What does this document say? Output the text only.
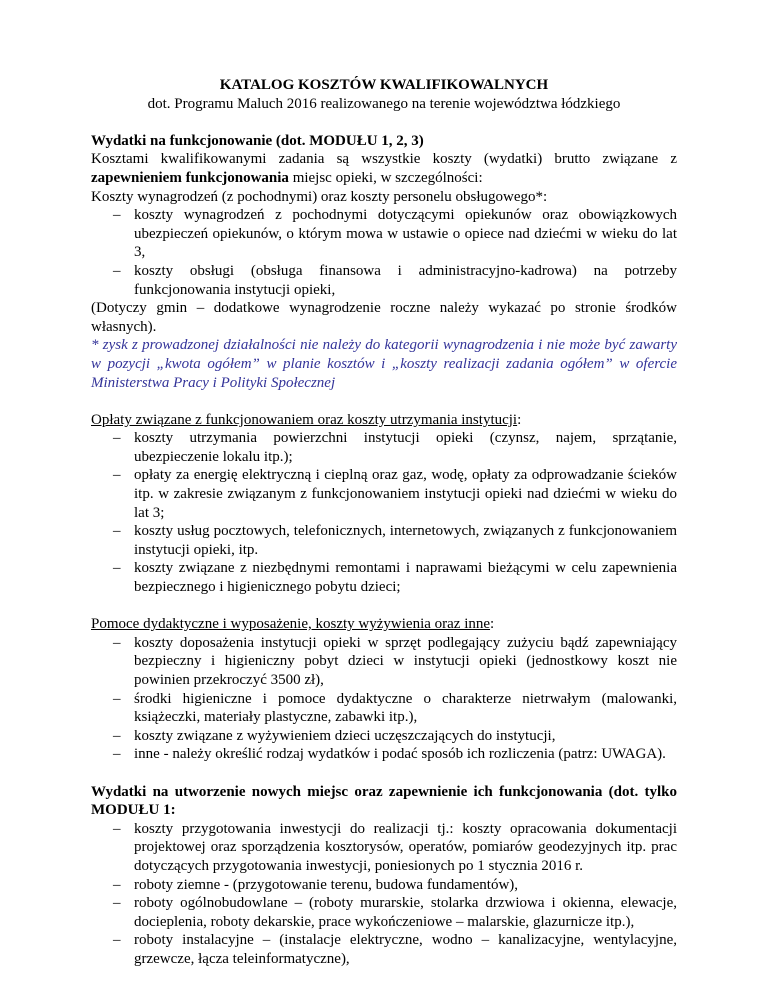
KATALOG KOSZTÓW KWALIFIKOWALNYCH

dot. Programu Maluch 2016 realizowanego na terenie województwa łódzkiego

Wydatki na funkcjonowanie (dot. MODUŁU 1, 2, 3)

Kosztami kwalifikowanymi zadania są wszystkie koszty (wydatki) brutto związane z zapewnieniem funkcjonowania miejsc opieki, w szczególności:

Koszty wynagrodzeń (z pochodnymi) oraz koszty personelu obsługowego*:

– koszty wynagrodzeń z pochodnymi dotyczącymi opiekunów oraz obowiązkowych ubezpieczeń opiekunów, o którym mowa w ustawie o opiece nad dziećmi w wieku do lat 3,
– koszty obsługi (obsługa finansowa i administracyjno-kadrowa) na potrzeby funkcjonowania instytucji opieki,

(Dotyczy gmin – dodatkowe wynagrodzenie roczne należy wykazać po stronie środków własnych).

* zysk z prowadzonej działalności nie należy do kategorii wynagrodzenia i nie może być zawarty w pozycji „kwota ogółem” w planie kosztów i „koszty realizacji zadania ogółem” w ofercie Ministerstwa Pracy i Polityki Społecznej

Opłaty związane z funkcjonowaniem oraz koszty utrzymania instytucji:

– koszty utrzymania powierzchni instytucji opieki (czynsz, najem, sprzątanie, ubezpieczenie lokalu itp.);
– opłaty za energię elektryczną i cieplną oraz gaz, wodę, opłaty za odprowadzanie ścieków itp. w zakresie związanym z funkcjonowaniem instytucji opieki nad dziećmi w wieku do lat 3;
– koszty usług pocztowych, telefonicznych, internetowych, związanych z funkcjonowaniem instytucji opieki, itp.
– koszty związane z niezbędnymi remontami i naprawami bieżącymi w celu zapewnienia bezpiecznego i higienicznego pobytu dzieci;

Pomoce dydaktyczne i wyposażenie, koszty wyżywienia oraz inne:

– koszty doposażenia instytucji opieki w sprzęt podlegający zużyciu bądź zapewniający bezpieczny i higieniczny pobyt dzieci w instytucji opieki (jednostkowy koszt nie powinien przekroczyć 3500 zł),
– środki higieniczne i pomoce dydaktyczne o charakterze nietrwałym (malowanki, książeczki, materiały plastyczne, zabawki itp.),
– koszty związane z wyżywieniem dzieci uczęszczających do instytucji,
– inne - należy określić rodzaj wydatków i podać sposób ich rozliczenia (patrz: UWAGA).

Wydatki na utworzenie nowych miejsc oraz zapewnienie ich funkcjonowania (dot. tylko MODUŁU 1:

– koszty przygotowania inwestycji do realizacji tj.: koszty opracowania dokumentacji projektowej oraz sporządzenia kosztorysów, operatów, pomiarów geodezyjnych itp. prac dotyczących przygotowania inwestycji, poniesionych po 1 stycznia 2016 r.
– roboty ziemne - (przygotowanie terenu, budowa fundamentów),
– roboty ogólnobudowlane – (roboty murarskie, stolarka drzwiowa i okienna, elewacje, docieplenia, roboty dekarskie, prace wykończeniowe – malarskie, glazurnicze itp.),
– roboty instalacyjne – (instalacje elektryczne, wodno – kanalizacyjne, wentylacyjne, grzewcze, łącza teleinformatyczne),
